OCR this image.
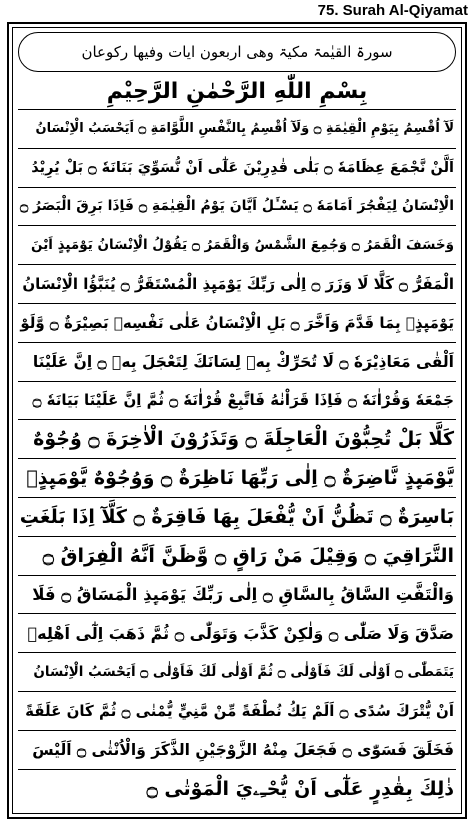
75. Surah Al-Qiyamat
سورۃ القیٰمۃ مکیۃ وھی اربعون ایات وفیھا رکوعان
بِسْمِ اللّٰهِ الرَّحْمٰنِ الرَّحِيْمِ
لَآ اُقْسِمُ بِيَوْمِ الْقِيٰمَةِ ۝ وَلَآ اُقْسِمُ بِالنَّفْسِ اللَّوَّامَةِ ۝ اَيَحْسَبُ الْاِنْسَانُ
اَلَّنْ نَّجْمَعَ عِظَامَهٗ ۝ بَلٰى قٰدِرِيْنَ عَلٰٓى اَنْ نُّسَوِّيَ بَنَانَهٗ ۝ بَلْ يُرِيْدُ
الْاِنْسَانُ لِيَفْجُرَ اَمَامَهٗ ۝ يَسْـَٔلُ اَيَّانَ يَوْمُ الْقِيٰمَةِ ۝ فَاِذَا بَرِقَ الْبَصَرُ ۝
وَخَسَفَ الْقَمَرُ ۝ وَجُمِعَ الشَّمْسُ وَالْقَمَرُ ۝ يَقُوْلُ الْاِنْسَانُ يَوْمَىِٕذٍ اَيْنَ
الْمَفَرُّ ۝ كَلَّا لَا وَزَرَ ۝ اِلٰى رَبِّكَ يَوْمَىِٕذِ الْمُسْتَقَرُّ ۝ يُنَبَّؤُا الْاِنْسَانُ
يَوْمَىِٕذٍۭ بِمَا قَدَّمَ وَاَخَّرَ ۝ بَلِ الْاِنْسَانُ عَلٰى نَفْسِهٖ بَصِيْرَةٌ ۝ وَّلَوْ
اَلْقٰى مَعَاذِيْرَهٗ ۝ لَا تُحَرِّكْ بِهٖ لِسَانَكَ لِتَعْجَلَ بِهٖ ۝ اِنَّ عَلَيْنَا
جَمْعَهٗ وَقُرْاٰنَهٗ ۝ فَاِذَا قَرَاْنٰهُ فَاتَّبِعْ قُرْاٰنَهٗ ۝ ثُمَّ اِنَّ عَلَيْنَا بَيَانَهٗ ۝
كَلَّا بَلْ تُحِبُّوْنَ الْعَاجِلَةَ ۝ وَتَذَرُوْنَ الْاٰخِرَةَ ۝ وُجُوْهٌ
يَّوْمَىِٕذٍ نَّاضِرَةٌ ۝ اِلٰى رَبِّهَا نَاظِرَةٌ ۝ وَوُجُوْهٌ يَّوْمَىِٕذٍۭ
بَاسِرَةٌ ۝ تَظُنُّ اَنْ يُّفْعَلَ بِهَا فَاقِرَةٌ ۝ كَلَّآ اِذَا بَلَغَتِ
التَّرَاقِيَ ۝ وَقِيْلَ مَنْ رَاقٍ ۝ وَّظَنَّ اَنَّهُ الْفِرَاقُ ۝
وَالْتَفَّتِ السَّاقُ بِالسَّاقِ ۝ اِلٰى رَبِّكَ يَوْمَىِٕذِ الْمَسَاقُ ۝ فَلَا
صَدَّقَ وَلَا صَلّٰى ۝ وَلٰكِنْ كَذَّبَ وَتَوَلّٰى ۝ ثُمَّ ذَهَبَ اِلٰٓى اَهْلِهٖ
يَتَمَطّٰى ۝ اَوْلٰى لَكَ فَاَوْلٰى ۝ ثُمَّ اَوْلٰى لَكَ فَاَوْلٰى ۝ اَيَحْسَبُ الْاِنْسَانُ
اَنْ يُّتْرَكَ سُدًى ۝ اَلَمْ يَكُ نُطْفَةً مِّنْ مَّنِيٍّ يُّمْنٰى ۝ ثُمَّ كَانَ عَلَقَةً
فَخَلَقَ فَسَوّٰى ۝ فَجَعَلَ مِنْهُ الزَّوْجَيْنِ الذَّكَرَ وَالْاُنْثٰى ۝ اَلَيْسَ
ذٰلِكَ بِقٰدِرٍ عَلٰٓى اَنْ يُّحْـِۦيَ الْمَوْتٰى ۝
